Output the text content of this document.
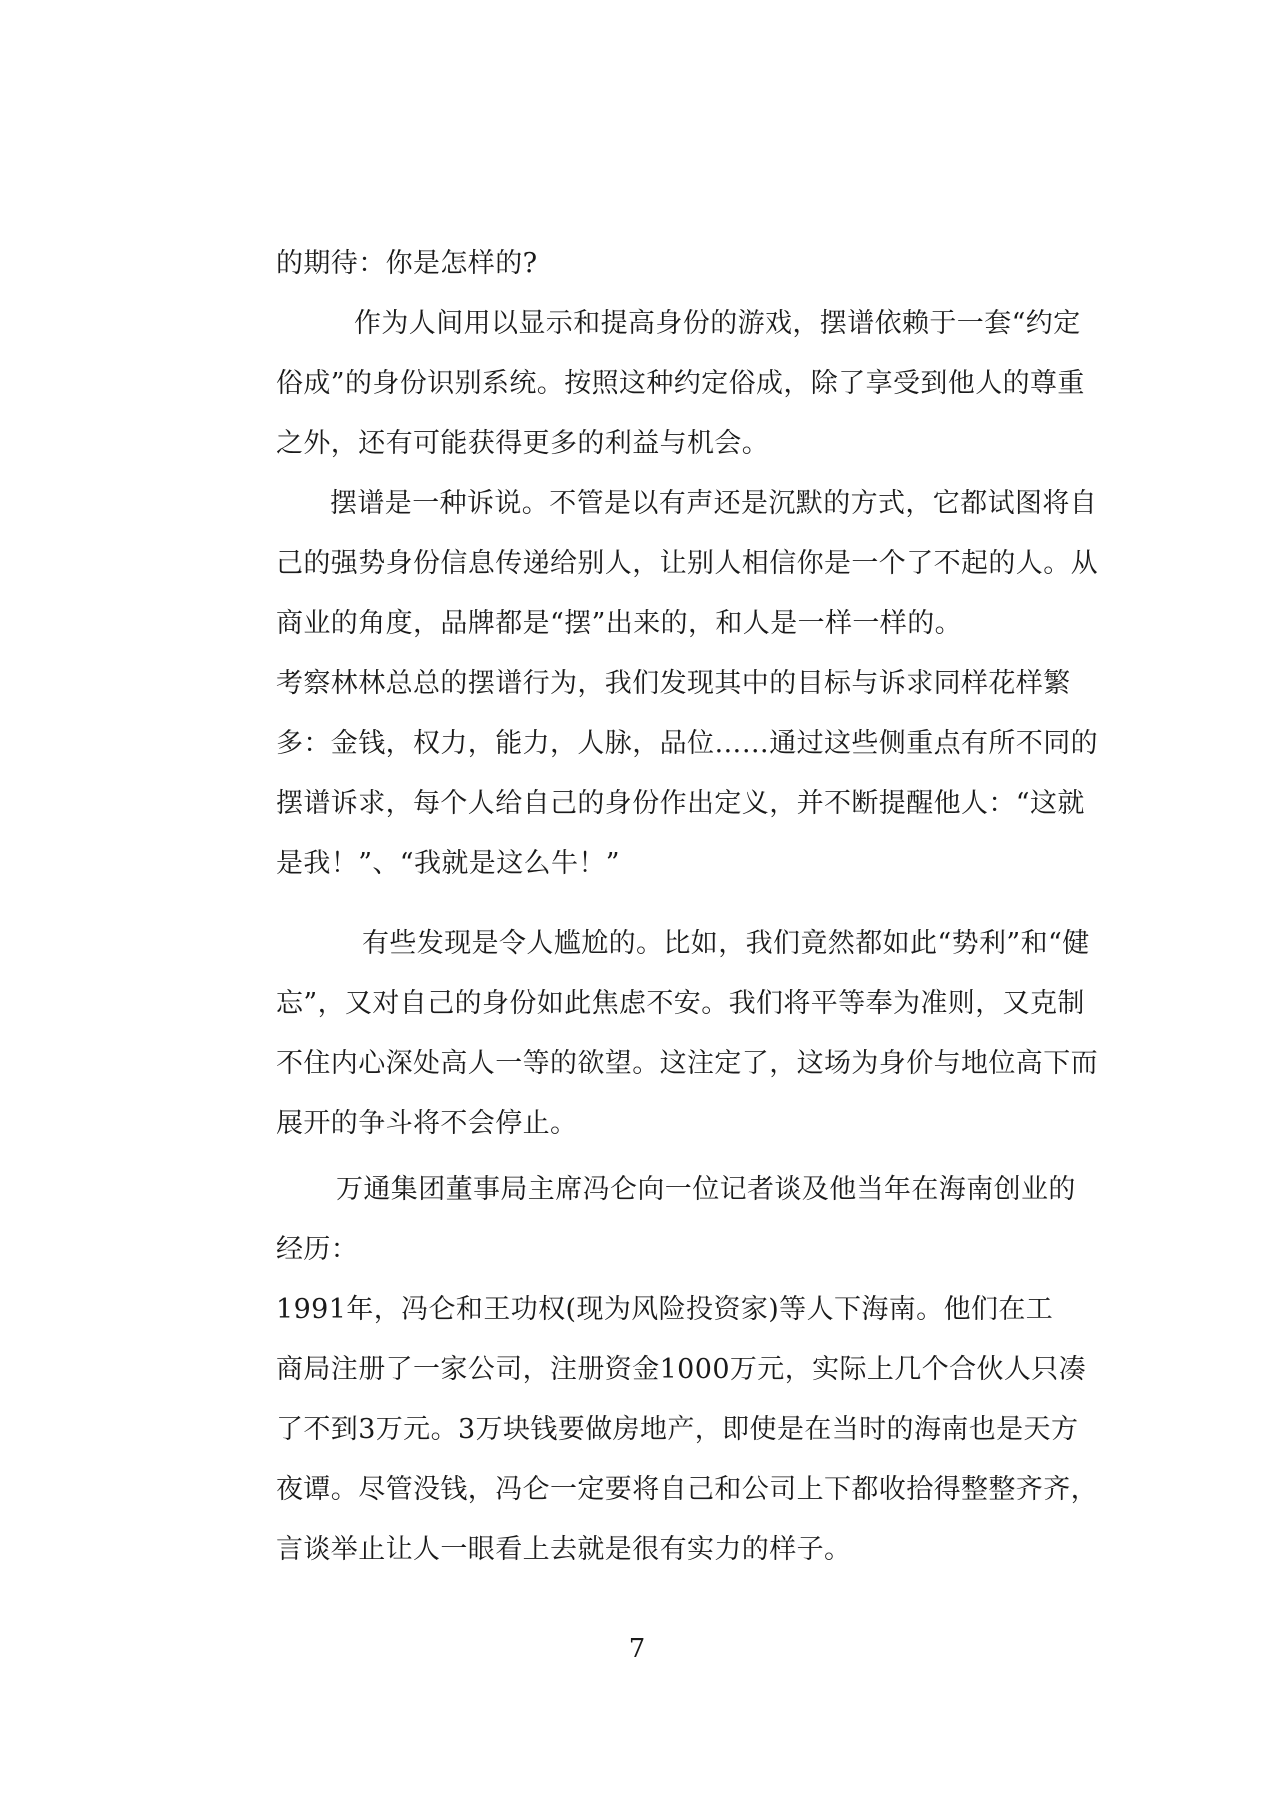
的期待：你是怎样的?
作为人间用以显示和提高身份的游戏，摆谱依赖于一套“约定
俗成”的身份识别系统。按照这种约定俗成，除了享受到他人的尊重
之外，还有可能获得更多的利益与机会。
摆谱是一种诉说。不管是以有声还是沉默的方式，它都试图将自
己的强势身份信息传递给别人，让别人相信你是一个了不起的人。从
商业的角度，品牌都是“摆”出来的，和人是一样一样的。
考察林林总总的摆谱行为，我们发现其中的目标与诉求同样花样繁
多：金钱，权力，能力，人脉，品位……通过这些侧重点有所不同的
摆谱诉求，每个人给自己的身份作出定义，并不断提醒他人：“这就
是我！”、“我就是这么牛！”
有些发现是令人尴尬的。比如，我们竟然都如此“势利”和“健
忘”，又对自己的身份如此焦虑不安。我们将平等奉为准则，又克制
不住内心深处高人一等的欲望。这注定了，这场为身价与地位高下而
展开的争斗将不会停止。
万通集团董事局主席冯仑向一位记者谈及他当年在海南创业的
经历：
1991年，冯仑和王功权(现为风险投资家)等人下海南。他们在工
商局注册了一家公司，注册资金1000万元，实际上几个合伙人只凑
了不到3万元。3万块钱要做房地产，即使是在当时的海南也是天方
夜谭。尽管没钱，冯仑一定要将自己和公司上下都收拾得整整齐齐，
言谈举止让人一眼看上去就是很有实力的样子。
7
